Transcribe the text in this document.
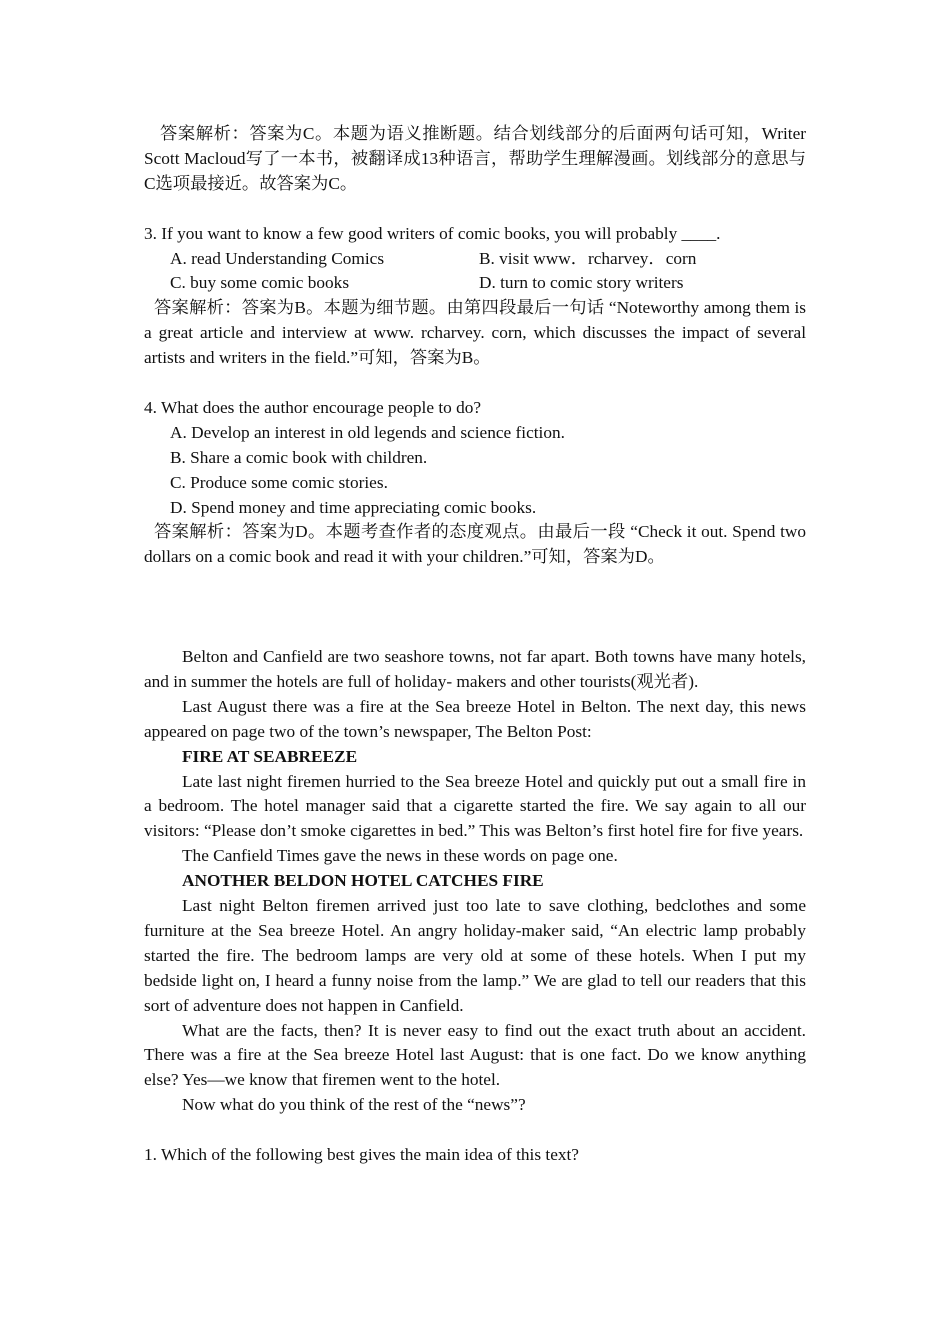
答案解析：答案为C。本题为语义推断题。结合划线部分的后面两句话可知，Writer Scott Macloud写了一本书，被翻译成13种语言，帮助学生理解漫画。划线部分的意思与C选项最接近。故答案为C。

3. If you want to know a few good writers of comic books, you will probably ____.

A. read Understanding Comics	B. visit www．rcharvey．corn
C. buy some comic books	D. turn to comic story writers

答案解析：答案为B。本题为细节题。由第四段最后一句话 “Noteworthy among them is a great article and interview at www. rcharvey. corn, which discusses the impact of several artists and writers in the field.”可知，答案为B。

4. What does the author encourage people to do?

A. Develop an interest in old legends and science fiction.

B. Share a comic book with children.

C. Produce some comic stories.

D. Spend money and time appreciating comic books.

答案解析：答案为D。本题考查作者的态度观点。由最后一段 “Check it out. Spend two dollars on a comic book and read it with your children.”可知，答案为D。

Belton and Canfield are two seashore towns, not far apart. Both towns have many hotels, and in summer the hotels are full of holiday- makers and other tourists(观光者).

Last August there was a fire at the Sea breeze Hotel in Belton. The next day, this news appeared on page two of the town’s newspaper, The Belton Post:

FIRE AT SEABREEZE

Late last night firemen hurried to the Sea breeze Hotel and quickly put out a small fire in a bedroom. The hotel manager said that a cigarette started the fire. We say again to all our visitors: “Please don’t smoke cigarettes in bed.” This was Belton’s first hotel fire for five years.

The Canfield Times gave the news in these words on page one.

ANOTHER BELDON HOTEL CATCHES FIRE

Last night Belton firemen arrived just too late to save clothing, bedclothes and some furniture at the Sea breeze Hotel. An angry holiday-maker said, “An electric lamp probably started the fire. The bedroom lamps are very old at some of these hotels. When I put my bedside light on, I heard a funny noise from the lamp.” We are glad to tell our readers that this sort of adventure does not happen in Canfield.

What are the facts, then? It is never easy to find out the exact truth about an accident. There was a fire at the Sea breeze Hotel last August: that is one fact. Do we know anything else? Yes—we know that firemen went to the hotel.

Now what do you think of the rest of the “news”?

1. Which of the following best gives the main idea of this text?
